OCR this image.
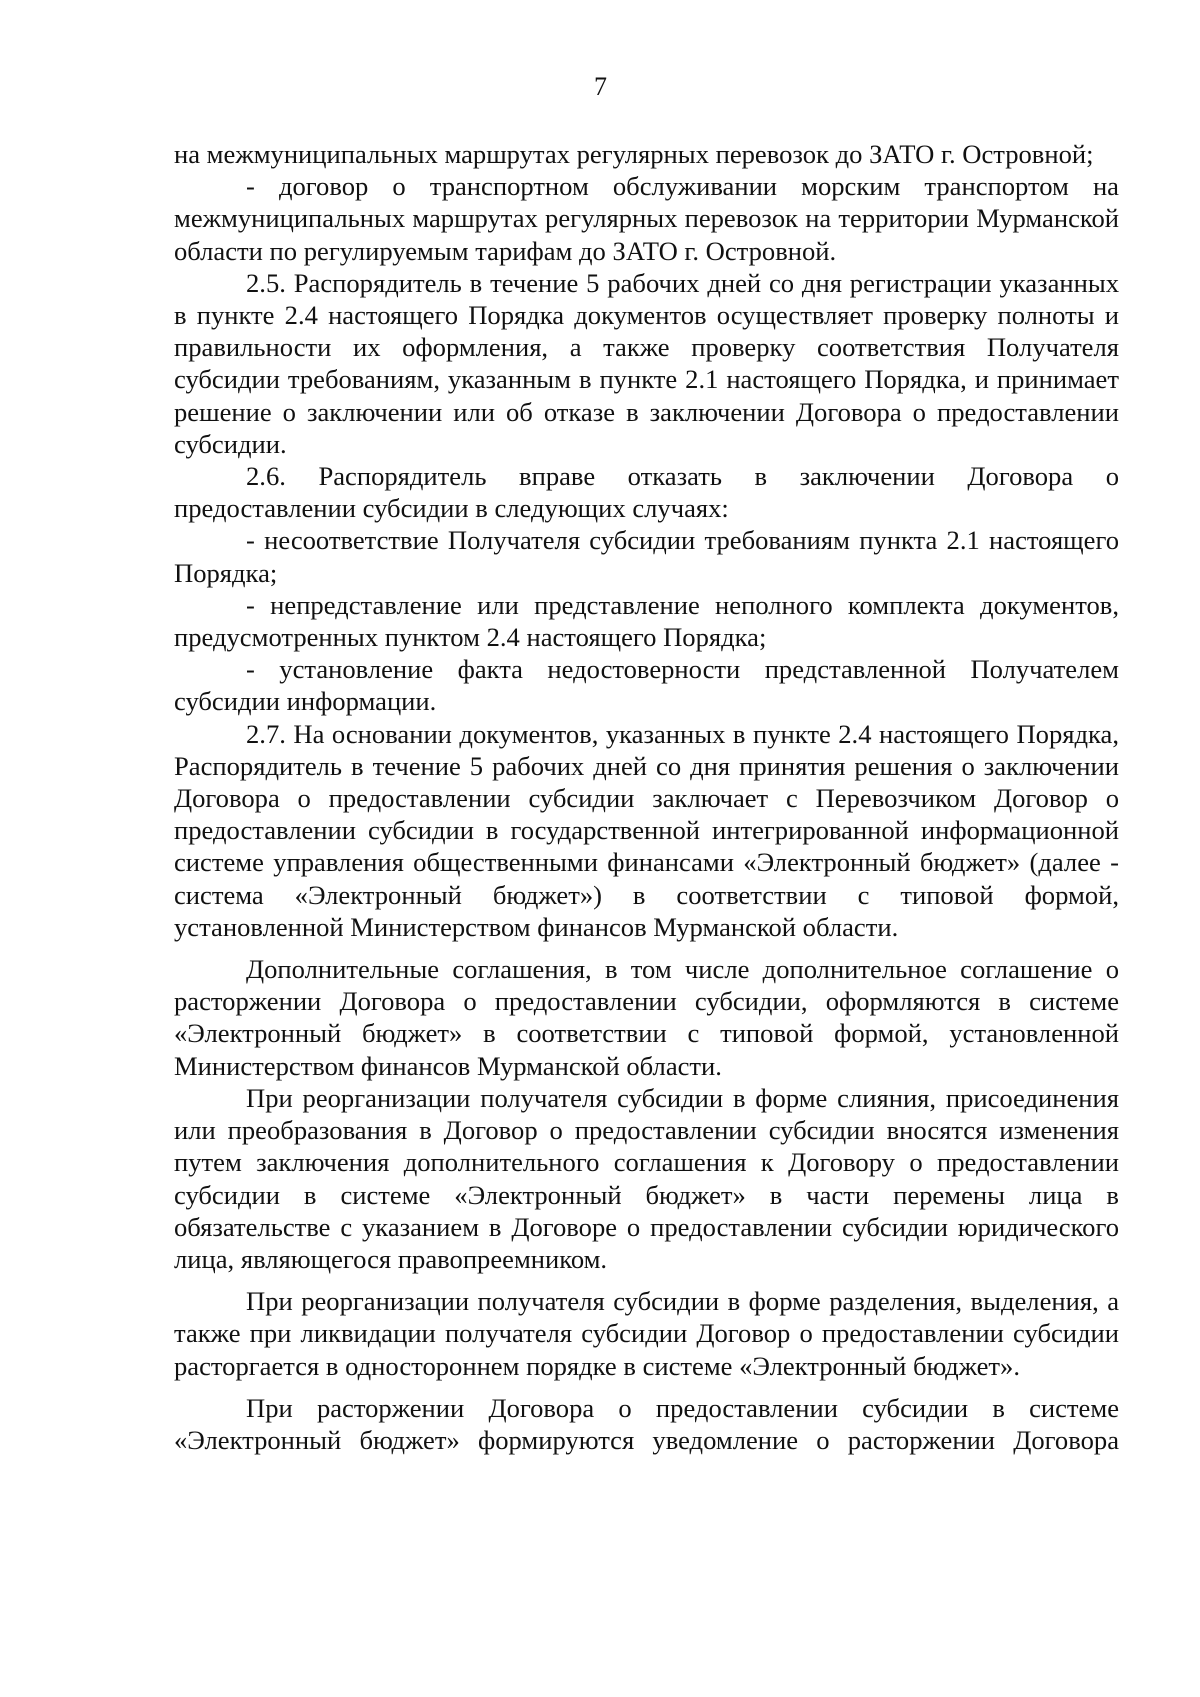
7

на межмуниципальных маршрутах регулярных перевозок до ЗАТО г. Островной;

- договор о транспортном обслуживании морским транспортом на межмуниципальных маршрутах регулярных перевозок на территории Мурманской области по регулируемым тарифам до ЗАТО г. Островной.

2.5. Распорядитель в течение 5 рабочих дней со дня регистрации указанных в пункте 2.4 настоящего Порядка документов осуществляет проверку полноты и правильности их оформления, а также проверку соответствия Получателя субсидии требованиям, указанным в пункте 2.1 настоящего Порядка, и принимает решение о заключении или об отказе в заключении Договора о предоставлении субсидии.

2.6. Распорядитель вправе отказать в заключении Договора о предоставлении субсидии в следующих случаях:

- несоответствие Получателя субсидии требованиям пункта 2.1 настоящего Порядка;

- непредставление или представление неполного комплекта документов, предусмотренных пунктом 2.4 настоящего Порядка;

- установление факта недостоверности представленной Получателем субсидии информации.

2.7. На основании документов, указанных в пункте 2.4 настоящего Порядка, Распорядитель в течение 5 рабочих дней со дня принятия решения о заключении Договора о предоставлении субсидии заключает с Перевозчиком Договор о предоставлении субсидии в государственной интегрированной информационной системе управления общественными финансами «Электронный бюджет» (далее - система «Электронный бюджет») в соответствии с типовой формой, установленной Министерством финансов Мурманской области.

Дополнительные соглашения, в том числе дополнительное соглашение о расторжении Договора о предоставлении субсидии, оформляются в системе «Электронный бюджет» в соответствии с типовой формой, установленной Министерством финансов Мурманской области.

При реорганизации получателя субсидии в форме слияния, присоединения или преобразования в Договор о предоставлении субсидии вносятся изменения путем заключения дополнительного соглашения к Договору о предоставлении субсидии в системе «Электронный бюджет» в части перемены лица в обязательстве с указанием в Договоре о предоставлении субсидии юридического лица, являющегося правопреемником.

При реорганизации получателя субсидии в форме разделения, выделения, а также при ликвидации получателя субсидии Договор о предоставлении субсидии расторгается в одностороннем порядке в системе «Электронный бюджет».

При расторжении Договора о предоставлении субсидии в системе «Электронный бюджет» формируются уведомление о расторжении Договора
